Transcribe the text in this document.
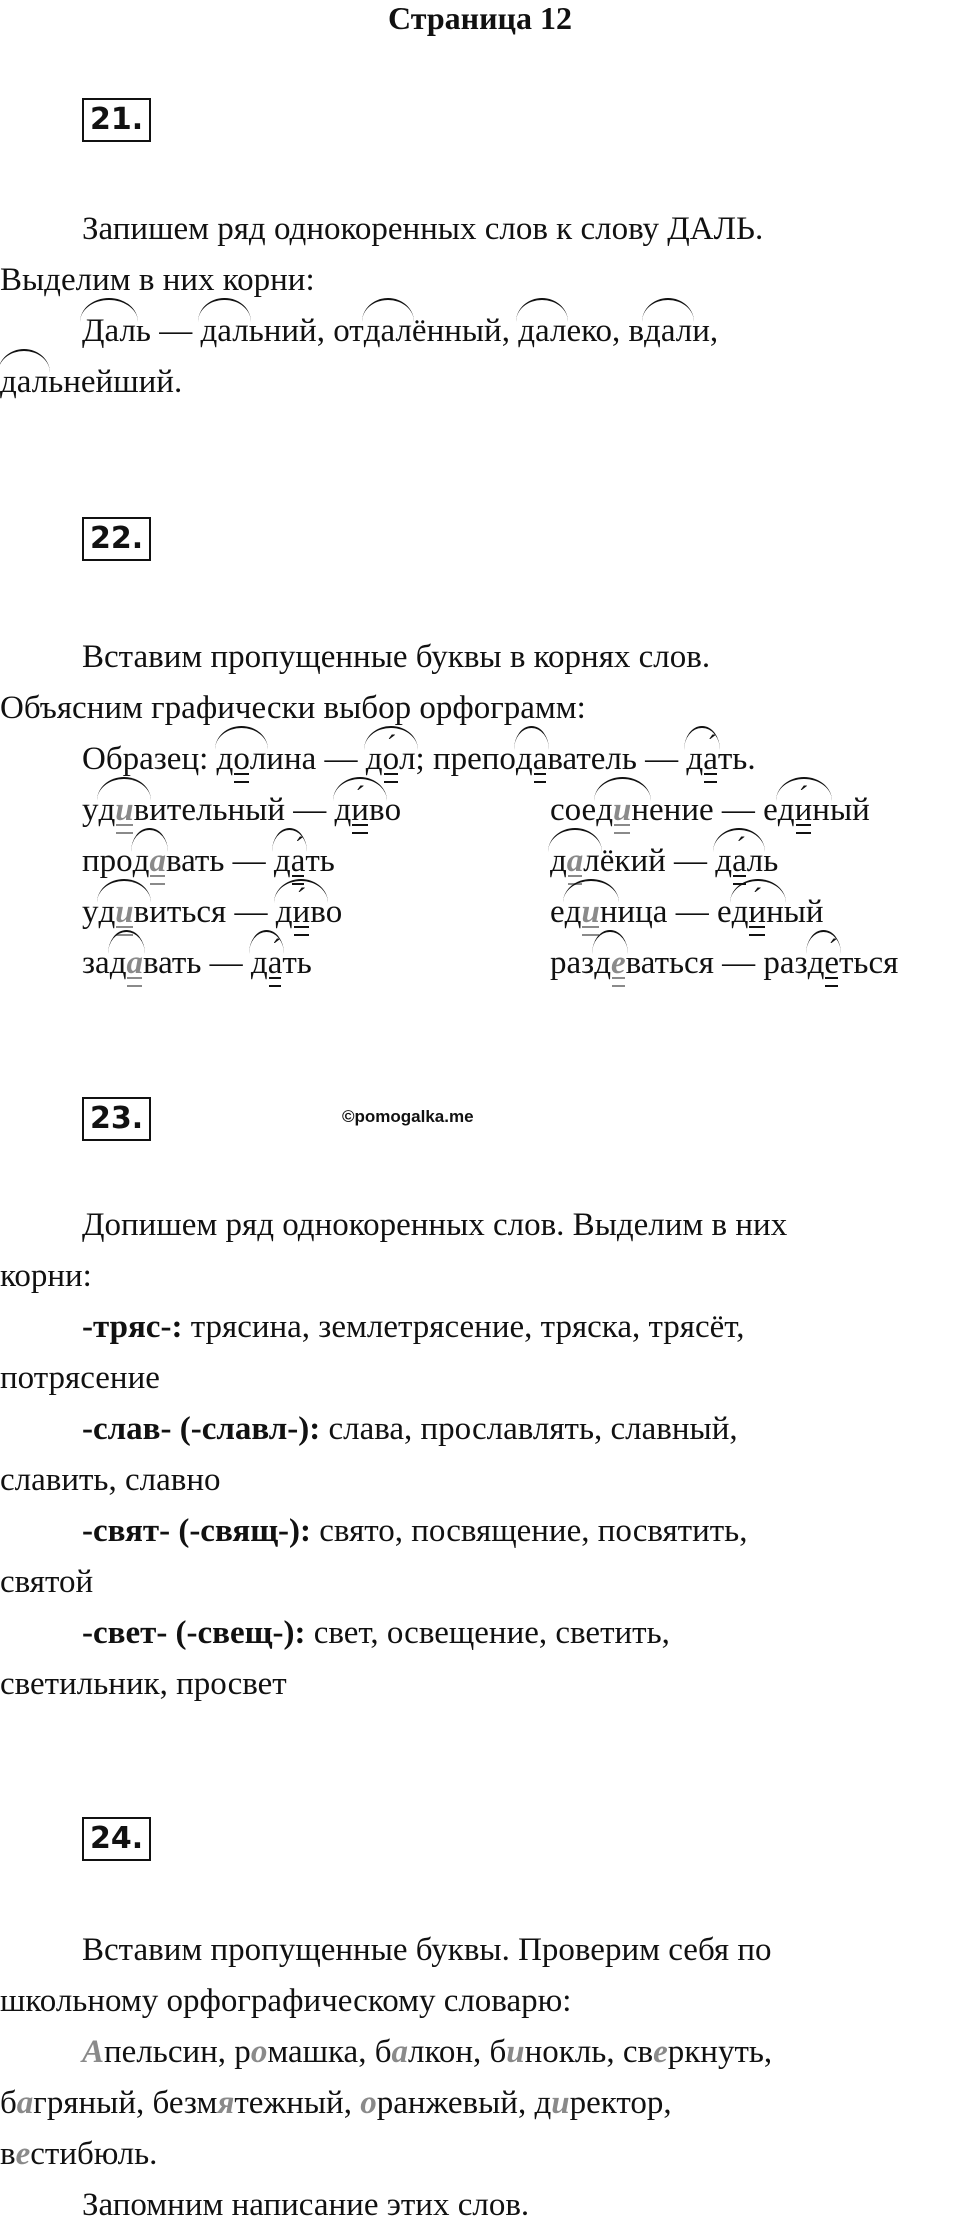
Страница 12
21.

Запишем ряд однокоренных слов к слову ДАЛЬ.

Выделим в них корни:

Даль — дальний, отдалённый, далеко, вдали,

дальнейший.

22.

Вставим пропущенные буквы в корнях слов.

Объясним графически выбор орфограмм:

Образец: долина — д´ ол; преподаватель — д´ ать.

удивительный — д´ иво	соединение — ед´ иный
продавать — д´ ать	далёкий — д´ аль
удивиться — д´ иво	единица — ед´ иный
задавать — д´ ать	раздеваться — разд´ еться
23.	©pomogalka.me

Допишем ряд однокоренных слов. Выделим в них

корни:

-тряс-: трясина, землетрясение, тряска, трясёт,

потрясение

-слав- (-славл-): слава, прославлять, славный,

славить, славно

-свят- (-свящ-): свято, посвящение, посвятить,

святой

-свет- (-свещ-): свет, освещение, светить,

светильник, просвет

24.

Вставим пропущенные буквы. Проверим себя по

школьному орфографическому словарю:

Апельсин, ромашка, балкон, бинокль, сверкнуть,

багряный, безмятежный, оранжевый, директор,

вестибюль.

Запомним написание этих слов.
